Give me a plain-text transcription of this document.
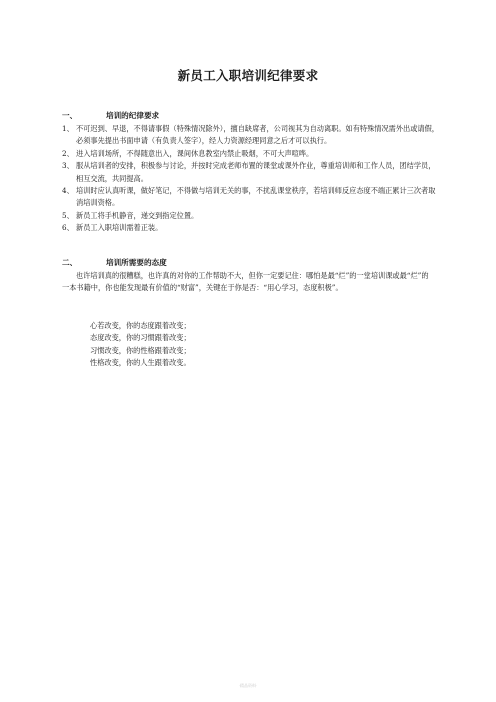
新员工入职培训纪律要求
一、	培训的纪律要求
1、 不可迟到、早退，不得请事假（特殊情况除外），擅自缺席者，公司视其为自动离职。如有特殊情况需外出或请假，必须事先提出书面申请（有负责人签字），经人力资源经理同意之后才可以执行。
2、 进入培训场所，不得随意出入，课间休息教室内禁止吸烟，不可大声喧哗。
3、 服从培训者的安排，积极参与讨论，并按时完成老师布置的课堂或课外作业，尊重培训师和工作人员，团结学员，相互交流，共同提高。
4、 培训时应认真听课，做好笔记，不得做与培训无关的事，不扰乱课堂秩序，若培训师反应态度不端正累计三次者取消培训资格。
5、 新员工将手机静音，递交到指定位置。
6、 新员工入职培训需着正装。
二、	培训所需要的态度
也许培训真的很糟糕，也许真的对你的工作帮助不大，但你一定要记住：哪怕是最“烂”的一堂培训课或最“烂”的一本书籍中，你也能发现最有价值的“财富”，关键在于你是否：“用心学习，态度积极”。
心若改变，你的态度跟着改变；
态度改变，你的习惯跟着改变；
习惯改变，你的性格跟着改变；
性格改变，你的人生跟着改变。
·精品资料·
